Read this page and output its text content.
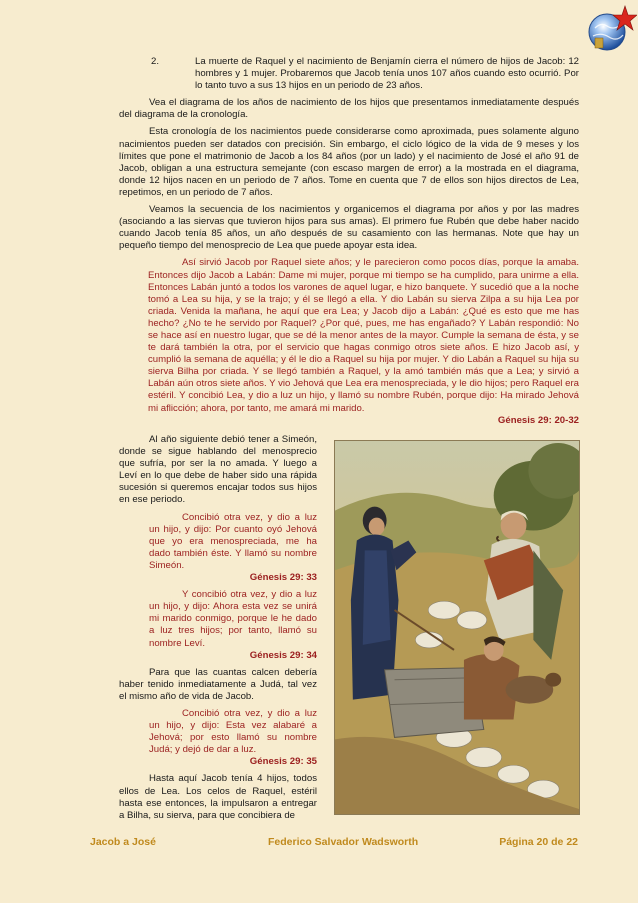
2.	La muerte de Raquel y el nacimiento de Benjamín cierra el número de hijos de Jacob: 12 hombres y 1 mujer. Probaremos que Jacob tenía unos 107 años cuando esto ocurrió. Por lo tanto tuvo a sus 13 hijos en un periodo de 23 años.

Vea el diagrama de los años de nacimiento de los hijos que presentamos inmediatamente después del diagrama de la cronología.

Esta cronología de los nacimientos puede considerarse como aproximada, pues solamente alguno nacimientos pueden ser datados con precisión. Sin embargo, el ciclo lógico de la vida de 9 meses y los límites que pone el matrimonio de Jacob a los 84 años (por un lado) y el nacimiento de José el año 91 de Jacob, obligan a una estructura semejante (con escaso margen de error) a la mostrada en el diagrama, donde 12 hijos nacen en un periodo de 7 años. Tome en cuenta que 7 de ellos son hijos directos de Lea, repetimos, en un periodo de 7 años.

Veamos la secuencia de los nacimientos y organicemos el diagrama por años y por las madres (asociando a las siervas que tuvieron hijos para sus amas). El primero fue Rubén que debe haber nacido cuando Jacob tenía 85 años, un año después de su casamiento con las hermanas. Note que hay un pequeño tiempo del menosprecio de Lea que puede apoyar esta idea.

Así sirvió Jacob por Raquel siete años; y le parecieron como pocos días, porque la amaba. Entonces dijo Jacob a Labán: Dame mi mujer, porque mi tiempo se ha cumplido, para unirme a ella. Entonces Labán juntó a todos los varones de aquel lugar, e hizo banquete. Y sucedió que a la noche tomó a Lea su hija, y se la trajo; y él se llegó a ella. Y dio Labán su sierva Zilpa a su hija Lea por criada. Venida la mañana, he aquí que era Lea; y Jacob dijo a Labán: ¿Qué es esto que me has hecho? ¿No te he servido por Raquel? ¿Por qué, pues, me has engañado? Y Labán respondió: No se hace así en nuestro lugar, que se dé la menor antes de la mayor. Cumple la semana de ésta, y se te dará también la otra, por el servicio que hagas conmigo otros siete años. E hizo Jacob así, y cumplió la semana de aquélla; y él le dio a Raquel su hija por mujer. Y dio Labán a Raquel su hija su sierva Bilha por criada. Y se llegó también a Raquel, y la amó también más que a Lea; y sirvió a Labán aún otros siete años. Y vio Jehová que Lea era menospreciada, y le dio hijos; pero Raquel era estéril. Y concibió Lea, y dio a luz un hijo, y llamó su nombre Rubén, porque dijo: Ha mirado Jehová mi aflicción; ahora, por tanto, me amará mi marido.

Génesis 29: 20-32

Al año siguiente debió tener a Simeón, donde se sigue hablando del menosprecio que sufría, por ser la no amada. Y luego a Leví en lo que debe de haber sido una rápida sucesión si queremos encajar todos sus hijos en ese periodo.

Concibió otra vez, y dio a luz un hijo, y dijo: Por cuanto oyó Jehová que yo era menospreciada, me ha dado también éste. Y llamó su nombre Simeón.

Génesis 29: 33

Y concibió otra vez, y dio a luz un hijo, y dijo: Ahora esta vez se unirá mi marido conmigo, porque le he dado a luz tres hijos; por tanto, llamó su nombre Leví.

Génesis 29: 34

Para que las cuantas calcen debería haber tenido inmediatamente a Judá, tal vez el mismo año de vida de Jacob.

Concibió otra vez, y dio a luz un hijo, y dijo: Esta vez alabaré a Jehová; por esto llamó su nombre Judá; y dejó de dar a luz.

Génesis 29: 35

Hasta aquí Jacob tenía 4 hijos, todos ellos de Lea. Los celos de Raquel, estéril hasta ese entonces, la impulsaron a entregar a Bilha, su sierva, para que concibiera de

Jacob a José	Federico Salvador Wadsworth	Página 20 de 22
